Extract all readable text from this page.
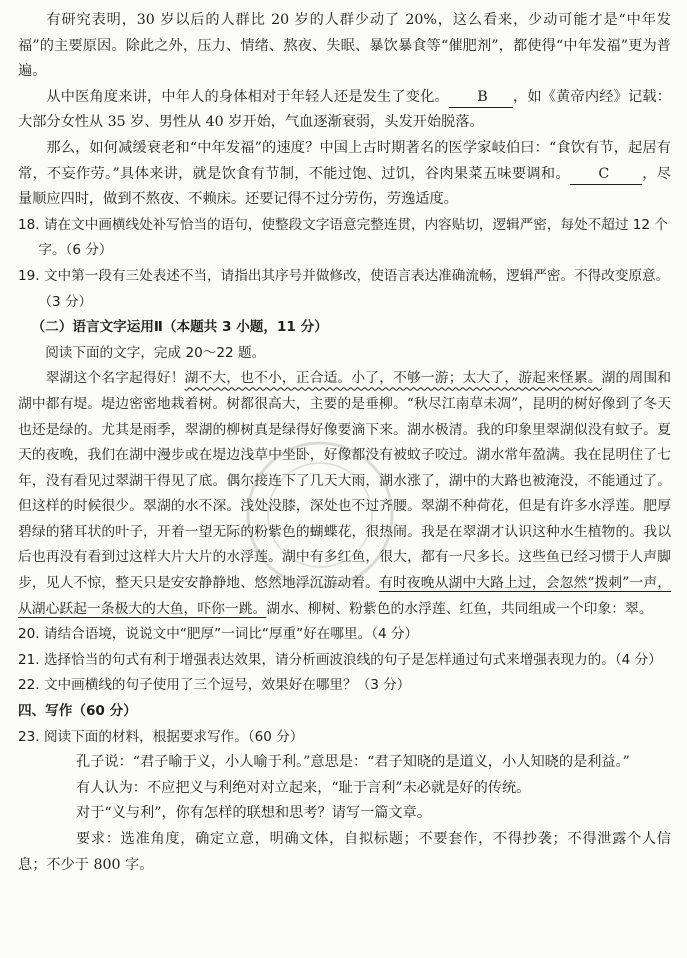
有研究表明，30 岁以后的人群比 20 岁的人群少动了 20%，这么看来，少动可能才是“中年发福”的主要原因。除此之外，压力、情绪、熬夜、失眠、暴饮暴食等“催肥剂”，都使得“中年发福”更为普遍。

从中医角度来讲，中年人的身体相对于年轻人还是发生了变化。 B ，如《黄帝内经》记载：大部分女性从 35 岁、男性从 40 岁开始，气血逐渐衰弱，头发开始脱落。

那么，如何减缓衰老和“中年发福”的速度？中国上古时期著名的医学家岐伯曰：“食饮有节，起居有常，不妄作劳。”具体来讲，就是饮食有节制，不能过饱、过饥，谷肉果菜五味要调和。 C ，尽量顺应四时，做到不熬夜、不赖床。还要记得不过分劳伤，劳逸适度。

18. 请在文中画横线处补写恰当的语句，使整段文字语意完整连贯，内容贴切，逻辑严密，每处不超过 12 个字。（6 分）

19. 文中第一段有三处表述不当，请指出其序号并做修改，使语言表达准确流畅，逻辑严密。不得改变原意。（3 分）

（二）语言文字运用Ⅱ（本题共 3 小题，11 分）

阅读下面的文字，完成 20～22 题。

翠湖这个名字起得好！湖不大，也不小，正合适。小了，不够一游；太大了，游起来怪累。湖的周围和湖中都有堤。堤边密密地栽着树。树都很高大，主要的是垂柳。“秋尽江南草未凋”，昆明的树好像到了冬天也还是绿的。尤其是雨季，翠湖的柳树真是绿得好像要滴下来。湖水极清。我的印象里翠湖似没有蚊子。夏天的夜晚，我们在湖中漫步或在堤边浅草中坐卧，好像都没有被蚊子咬过。湖水常年盈满。我在昆明住了七年，没有看见过翠湖干得见了底。偶尔接连下了几天大雨，湖水涨了，湖中的大路也被淹没，不能通过了。但这样的时候很少。翠湖的水不深。浅处没膝，深处也不过齐腰。翠湖不种荷花，但是有许多水浮莲。肥厚碧绿的猪耳状的叶子，开着一望无际的粉紫色的蝴蝶花，很热闹。我是在翠湖才认识这种水生植物的。我以后也再没有看到过这样大片大片的水浮莲。湖中有多红鱼，很大，都有一尺多长。这些鱼已经习惯于人声脚步，见人不惊，整天只是安安静静地、悠然地浮沉游动着。有时夜晚从湖中大路上过，会忽然“拨刺”一声，从湖心跃起一条极大的大鱼，吓你一跳。湖水、柳树、粉紫色的水浮莲、红鱼，共同组成一个印象：翠。

20. 请结合语境，说说文中“肥厚”一词比“厚重”好在哪里。（4 分）

21. 选择恰当的句式有利于增强表达效果，请分析画波浪线的句子是怎样通过句式来增强表现力的。（4 分）

22. 文中画横线的句子使用了三个逗号，效果好在哪里？（3 分）

四、写作（60 分）

23. 阅读下面的材料，根据要求写作。（60 分）

孔子说：“君子喻于义，小人喻于利。”意思是：“君子知晓的是道义，小人知晓的是利益。”

有人认为：不应把义与利绝对对立起来，“耻于言利”未必就是好的传统。

对于“义与利”，你有怎样的联想和思考？请写一篇文章。

要求：选准角度，确定立意，明确文体，自拟标题；不要套作，不得抄袭；不得泄露个人信息；不少于 800 字。
